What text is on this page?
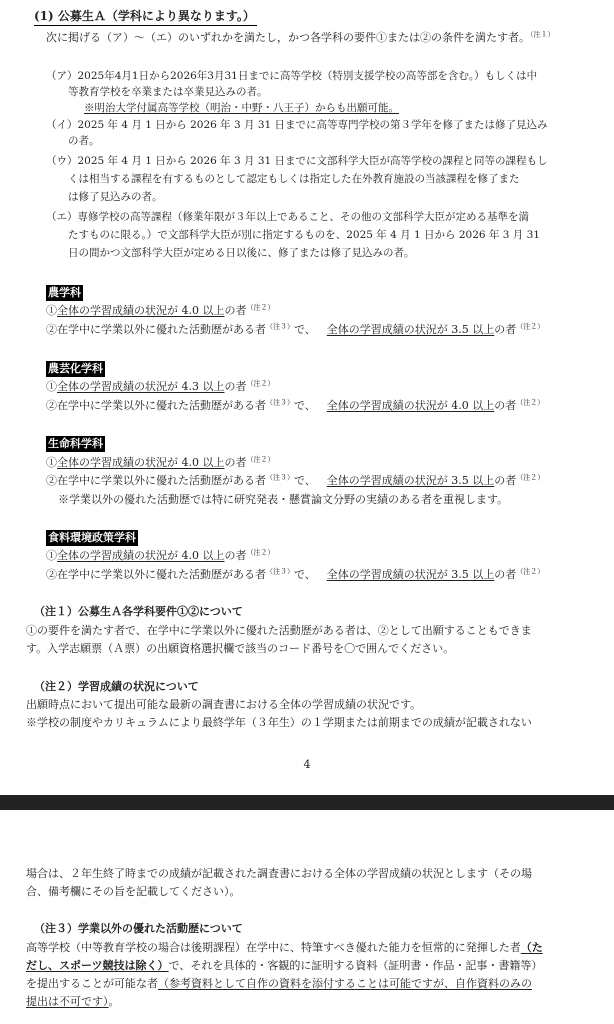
(1) 公募生Ａ（学科により異なります。）
次に掲げる（ア）～（エ）のいずれかを満たし，かつ各学科の要件①または②の条件を満たす者。$^{(注1)}$
（ア）2025年4月1日から2026年3月31日までに高等学校（特別支援学校の高等部を含む。）もしくは中
等教育学校を卒業または卒業見込みの者。
※明治大学付属高等学校（明治・中野・八王子）からも出願可能。
（イ）2025 年 4 月 1 日から 2026 年 3 月 31 日までに高等専門学校の第３学年を修了または修了見込み
の者。
（ウ）2025 年 4 月 1 日から 2026 年 3 月 31 日までに文部科学大臣が高等学校の課程と同等の課程もし
くは相当する課程を有するものとして認定もしくは指定した在外教育施設の当該課程を修了また
は修了見込みの者。
（エ）専修学校の高等課程（修業年限が３年以上であること、その他の文部科学大臣が定める基準を満
たすものに限る。）で文部科学大臣が別に指定するものを、2025 年 4 月 1 日から 2026 年 3 月 31
日の間かつ文部科学大臣が定める日以後に、修了または修了見込みの者。
農学科
①全体の学習成績の状況が 4.0 以上の者$^{(注2)}$
②在学中に学業以外に優れた活動歴がある者$^{(注3)}$で、  全体の学習成績の状況が 3.5 以上の者$^{(注2)}$
農芸化学科
①全体の学習成績の状況が 4.3 以上の者$^{(注2)}$
②在学中に学業以外に優れた活動歴がある者$^{(注3)}$で、  全体の学習成績の状況が 4.0 以上の者$^{(注2)}$
生命科学科
①全体の学習成績の状況が 4.0 以上の者$^{(注2)}$
②在学中に学業以外に優れた活動歴がある者$^{(注3)}$で、  全体の学習成績の状況が 3.5 以上の者$^{(注2)}$
※学業以外の優れた活動歴では特に研究発表・懸賞論文分野の実績のある者を重視します。
食料環境政策学科
①全体の学習成績の状況が 4.0 以上の者$^{(注2)}$
②在学中に学業以外に優れた活動歴がある者$^{(注3)}$で、  全体の学習成績の状況が 3.5 以上の者$^{(注2)}$
（注１）公募生Ａ各学科要件①②について
①の要件を満たす者で、在学中に学業以外に優れた活動歴がある者は、②として出願することもできま
す。入学志願票（Ａ票）の出願資格選択欄で該当のコード番号を〇で囲んでください。
（注２）学習成績の状況について
出願時点において提出可能な最新の調査書における全体の学習成績の状況です。
※学校の制度やカリキュラムにより最終学年（３年生）の１学期または前期までの成績が記載されない
4
場合は、２年生終了時までの成績が記載された調査書における全体の学習成績の状況とします（その場
合、備考欄にその旨を記載してください）。
（注３）学業以外の優れた活動歴について
高等学校（中等教育学校の場合は後期課程）在学中に、特筆すべき優れた能力を恒常的に発揮した者（た
だし、スポーツ競技は除く）で、それを具体的・客観的に証明する資料（証明書・作品・記事・書籍等）
を提出することが可能な者（参考資料として自作の資料を添付することは可能ですが、自作資料のみの
提出は不可です）。
